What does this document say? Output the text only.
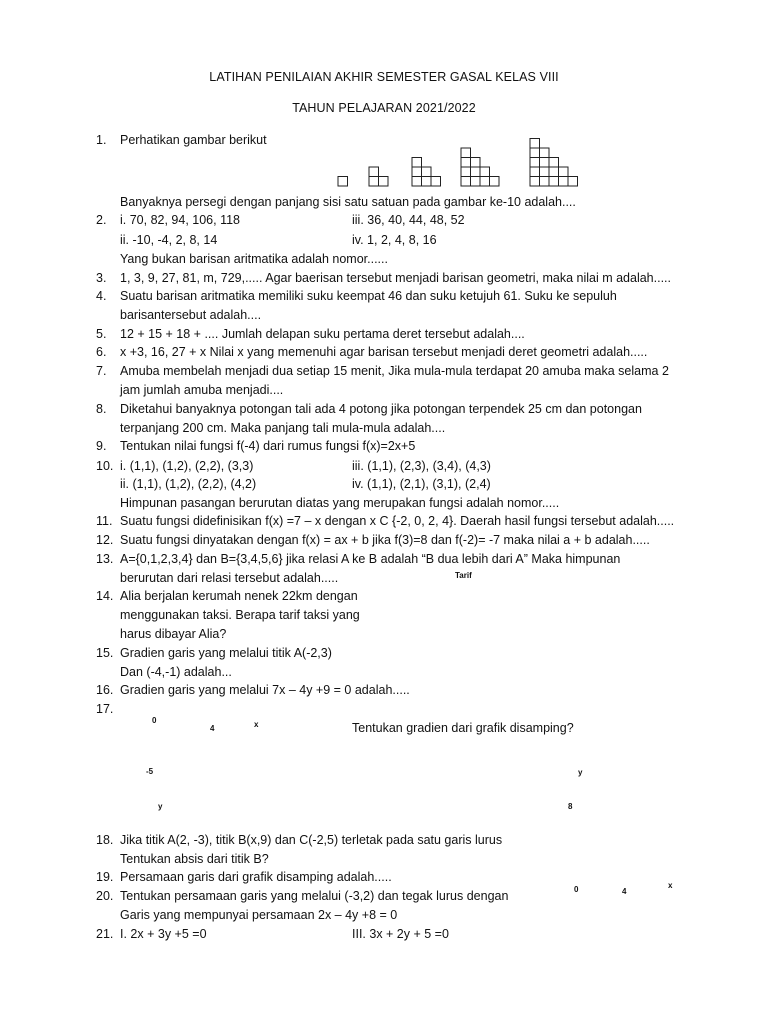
LATIHAN PENILAIAN AKHIR SEMESTER GASAL KELAS VIII
TAHUN PELAJARAN 2021/2022
1.	Perhatikan gambar berikut
Banyaknya persegi dengan panjang sisi satu satuan pada gambar ke-10 adalah....
2.	i. 70, 82, 94, 106, 118	iii. 36, 40, 44, 48, 52
ii. -10, -4, 2, 8, 14	iv. 1, 2, 4, 8, 16
Yang bukan barisan aritmatika adalah nomor......
3.	1, 3, 9, 27, 81, m, 729,..... Agar baerisan tersebut menjadi barisan geometri, maka nilai m adalah.....
4.	Suatu barisan aritmatika memiliki suku keempat 46 dan suku ketujuh 61. Suku ke sepuluh
barisantersebut adalah....
5.	12 + 15 + 18 + .... Jumlah delapan suku pertama deret tersebut adalah....
6.	x +3, 16, 27 + x Nilai x yang memenuhi agar barisan tersebut menjadi deret geometri adalah.....
7.	Amuba membelah menjadi dua setiap 15 menit, Jika mula-mula terdapat 20 amuba maka selama 2
jam jumlah amuba menjadi....
8.	Diketahui banyaknya potongan tali ada 4 potong jika potongan terpendek 25 cm dan potongan
terpanjang 200 cm. Maka panjang tali mula-mula adalah....
9.	Tentukan nilai fungsi f(-4) dari rumus fungsi f(x)=2x+5
10. i. (1,1), (1,2), (2,2), (3,3)	iii. (1,1), (2,3), (3,4), (4,3)
ii. (1,1), (1,2), (2,2), (4,2)	iv. (1,1), (2,1), (3,1), (2,4)
Himpunan pasangan berurutan diatas yang merupakan fungsi adalah nomor.....
11. Suatu fungsi didefinisikan f(x) =7 – x dengan x C {-2, 0, 2, 4}. Daerah hasil fungsi tersebut adalah.....
12. Suatu fungsi dinyatakan dengan f(x) = ax + b jika f(3)=8 dan f(-2)= -7 maka nilai a + b adalah.....
13. A={0,1,2,3,4} dan B={3,4,5,6} jika relasi A ke B adalah “B dua lebih dari A” Maka himpunan
berurutan dari relasi tersebut adalah.....	Tarif
14. Alia berjalan kerumah nenek 22km dengan
menggunakan taksi. Berapa tarif taksi yang
harus dibayar Alia?
15. Gradien garis yang melalui titik A(-2,3)
Dan (-4,-1) adalah...
16. Gradien garis yang melalui 7x – 4y +9 = 0 adalah.....
17.
0
4	x	Tentukan gradien dari grafik disamping?
-5	y
y	8
18. Jika titik A(2, -3), titik B(x,9) dan C(-2,5) terletak pada satu garis lurus
Tentukan absis dari titik B?
19. Persamaan garis dari grafik disamping adalah.....
20. Tentukan persamaan garis yang melalui (-3,2) dan tegak lurus dengan	0	4
x
Garis yang mempunyai persamaan 2x – 4y +8 = 0
21. I. 2x + 3y +5 =0	III. 3x + 2y + 5 =0
